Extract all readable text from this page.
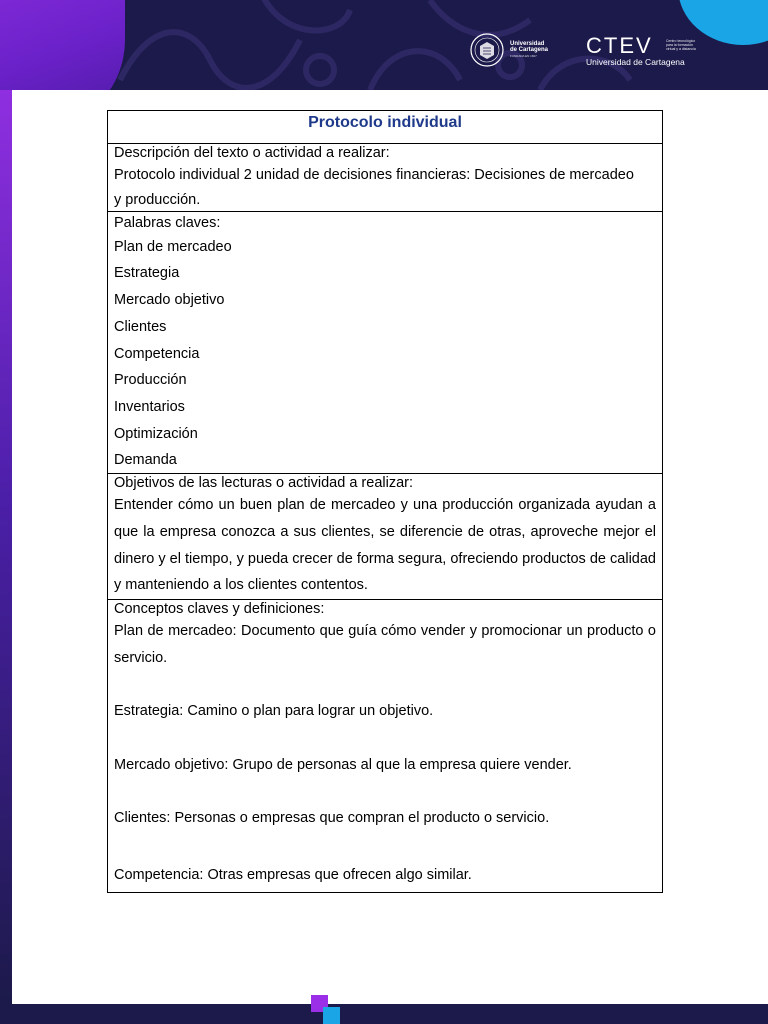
Universidad
de Cartagena
FUNDADA EN 1827	CTEV
Universidad de Cartagena
Centro tecnológico para la formación virtual y a distancia
Protocolo individual
Descripción del texto o actividad a realizar:
Protocolo individual 2 unidad de decisiones financieras: Decisiones de mercadeo
y producción.
Palabras claves:
Plan de mercadeo
Estrategia
Mercado objetivo
Clientes
Competencia
Producción
Inventarios
Optimización
Demanda
Objetivos de las lecturas o actividad a realizar:
Entender cómo un buen plan de mercadeo y una producción organizada ayudan a que la empresa conozca a sus clientes, se diferencie de otras, aproveche mejor el dinero y el tiempo, y pueda crecer de forma segura, ofreciendo productos de calidad y manteniendo a los clientes contentos.
Conceptos claves y definiciones:
Plan de mercadeo: Documento que guía cómo vender y promocionar un producto o servicio.
Estrategia: Camino o plan para lograr un objetivo.
Mercado objetivo: Grupo de personas al que la empresa quiere vender.
Clientes: Personas o empresas que compran el producto o servicio.
Competencia: Otras empresas que ofrecen algo similar.
